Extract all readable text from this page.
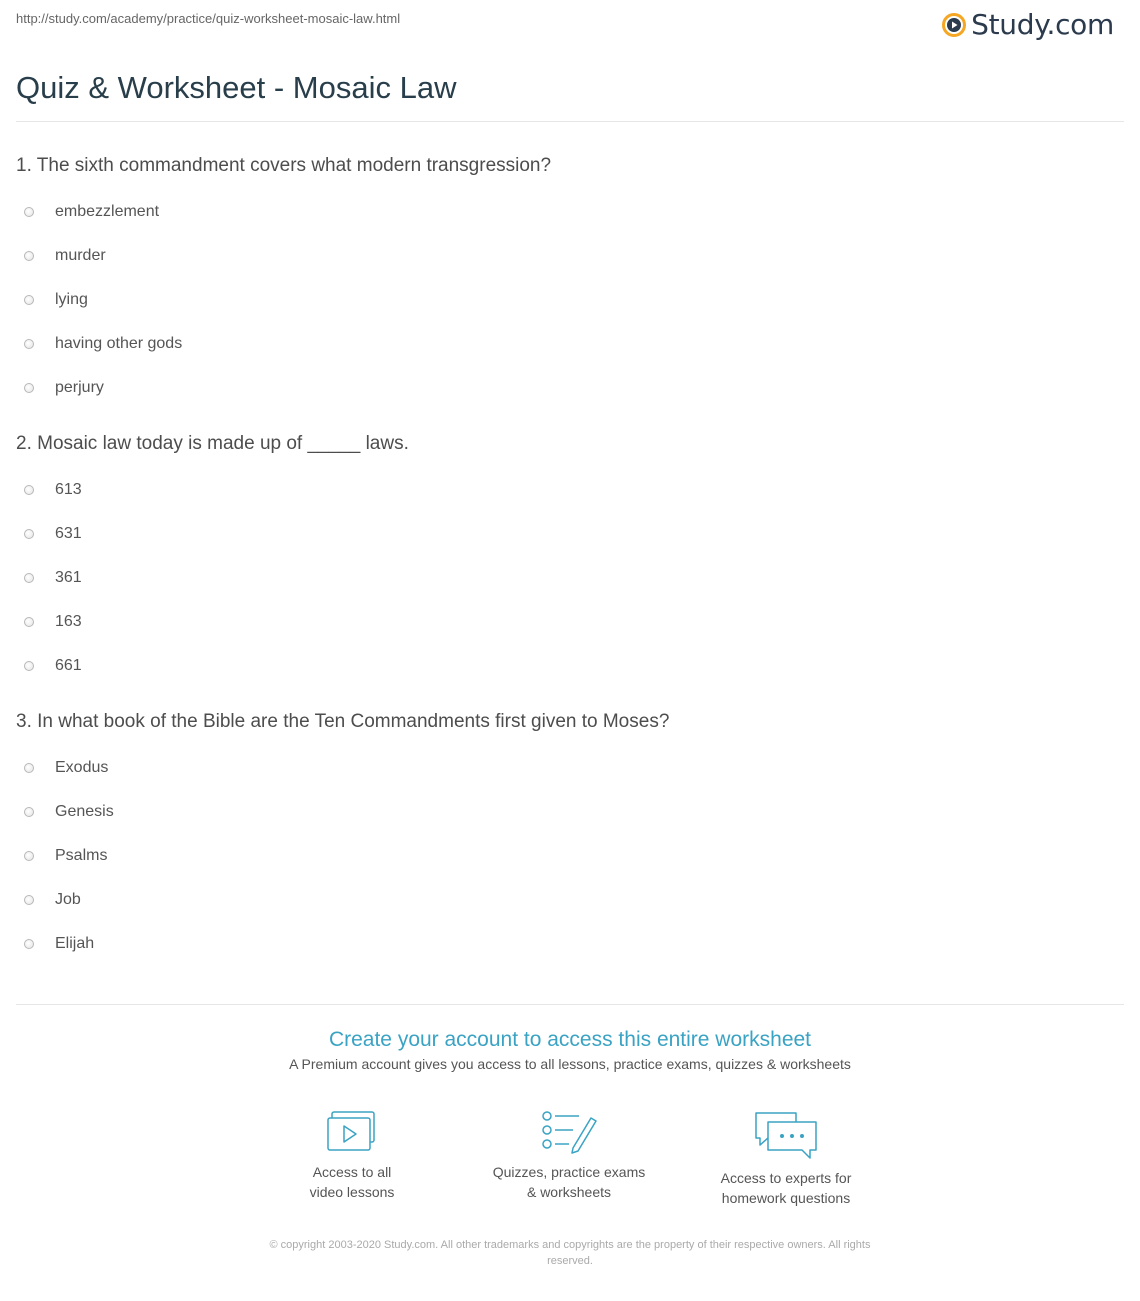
http://study.com/academy/practice/quiz-worksheet-mosaic-law.html	Study.com
Quiz & Worksheet - Mosaic Law
1. The sixth commandment covers what modern transgression?
embezzlement
murder
lying
having other gods
perjury
2. Mosaic law today is made up of _____ laws.
613
631
361
163
661
3. In what book of the Bible are the Ten Commandments first given to Moses?
Exodus
Genesis
Psalms
Job
Elijah
Create your account to access this entire worksheet
A Premium account gives you access to all lessons, practice exams, quizzes & worksheets
Access to all
video lessons
Quizzes, practice exams
& worksheets
Access to experts for
homework questions
© copyright 2003-2020 Study.com. All other trademarks and copyrights are the property of their respective owners. All rights
reserved.
